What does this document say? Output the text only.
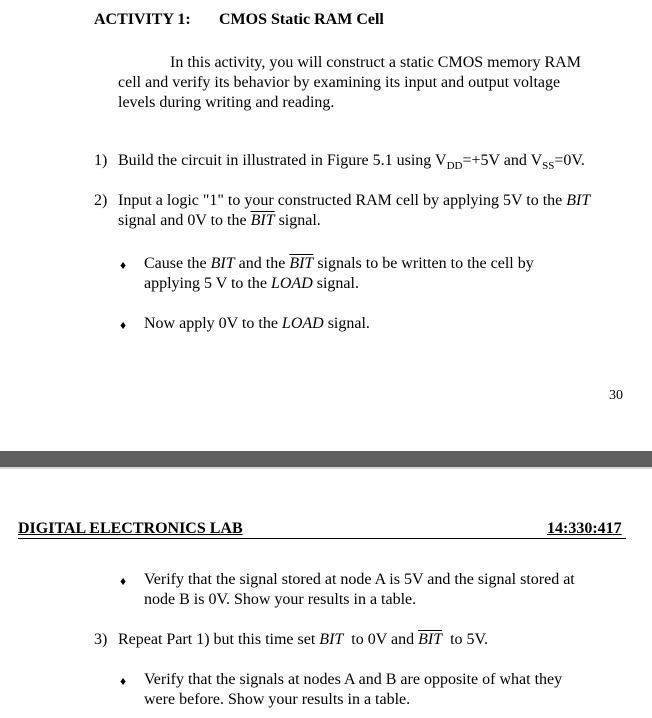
ACTIVITY 1: CMOS Static RAM Cell
In this activity, you will construct a static CMOS memory RAM
cell and verify its behavior by examining its input and output voltage
levels during writing and reading.
1) Build the circuit in illustrated in Figure 5.1 using $V_{DD}=+5V$ and $V_{SS}=0V$.
2) Input a logic "1" to your constructed RAM cell by applying 5V to the BIT
signal and 0V to the $\overline{BIT}$ signal.
♦ Cause the BIT and the $\overline{BIT}$ signals to be written to the cell by
applying 5 V to the LOAD signal.
♦ Now apply 0V to the LOAD signal.
30
DIGITAL ELECTRONICS LAB	14:330:417
♦ Verify that the signal stored at node A is 5V and the signal stored at
node B is 0V. Show your results in a table.
3) Repeat Part 1) but this time set BIT  to 0V and $\overline{BIT}$  to 5V.
♦ Verify that the signals at nodes A and B are opposite of what they
were before. Show your results in a table.
